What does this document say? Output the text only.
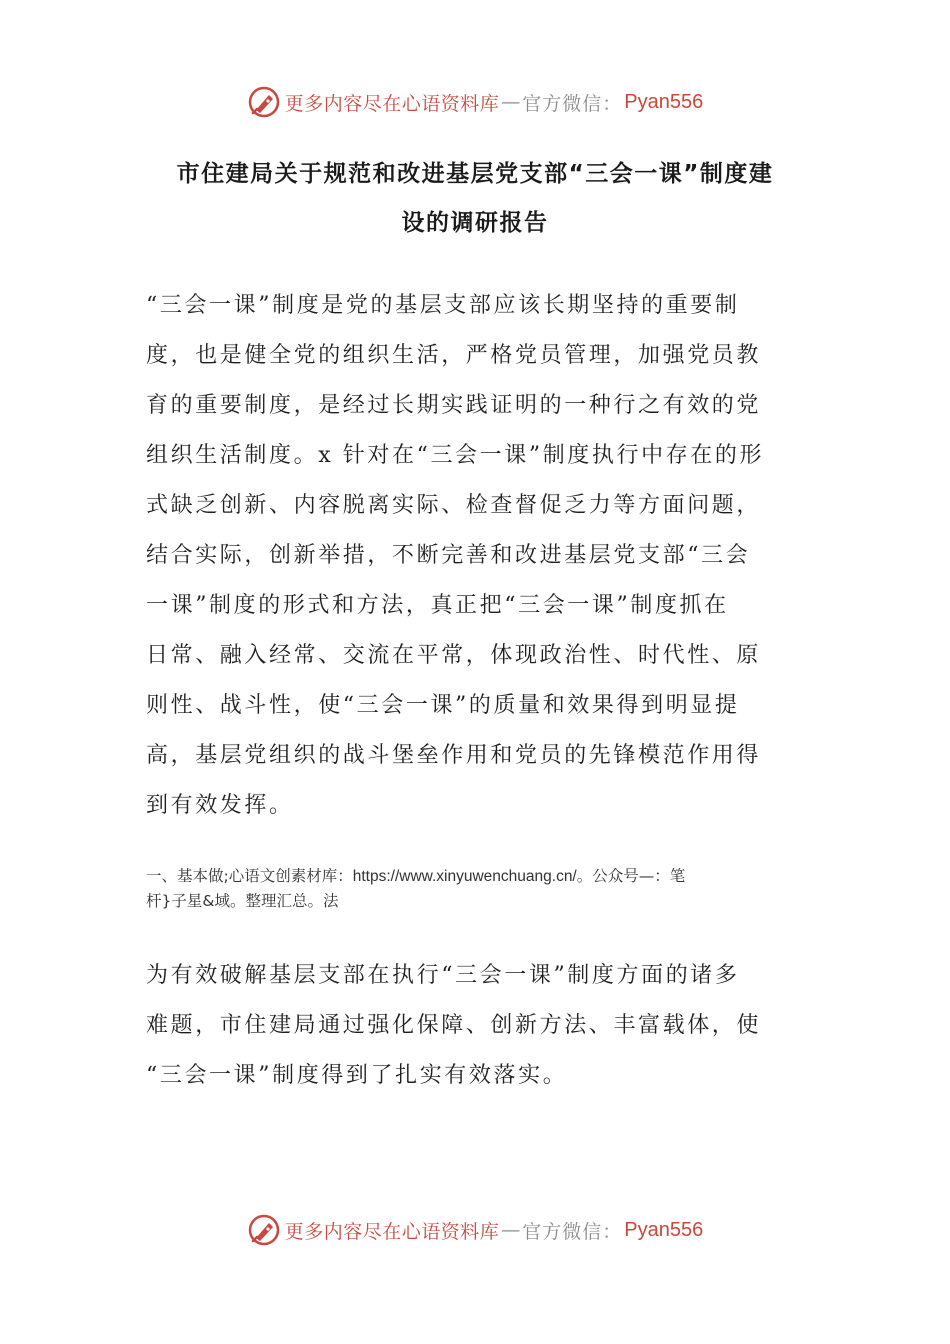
更多内容尽在心语资料库 — 官方微信： Pyan556
市住建局关于规范和改进基层党支部“三会一课”制度建
设的调研报告

“三会一课”制度是党的基层支部应该长期坚持的重要制
度，也是健全党的组织生活，严格党员管理，加强党员教
育的重要制度，是经过长期实践证明的一种行之有效的党
组织生活制度。x 针对在“三会一课”制度执行中存在的形
式缺乏创新、内容脱离实际、检查督促乏力等方面问题，
结合实际，创新举措，不断完善和改进基层党支部“三会
一课”制度的形式和方法，真正把“三会一课”制度抓在
日常、融入经常、交流在平常，体现政治性、时代性、原
则性、战斗性，使“三会一课”的质量和效果得到明显提
高，基层党组织的战斗堡垒作用和党员的先锋模范作用得
到有效发挥。

一、基本做;心语文创素材库：https://www.xinyuwenchuang.cn/。公众号—：笔
杆}子星&域。整理汇总。法

为有效破解基层支部在执行“三会一课”制度方面的诸多
难题，市住建局通过强化保障、创新方法、丰富载体，使
“三会一课”制度得到了扎实有效落实。

更多内容尽在心语资料库 — 官方微信： Pyan556
